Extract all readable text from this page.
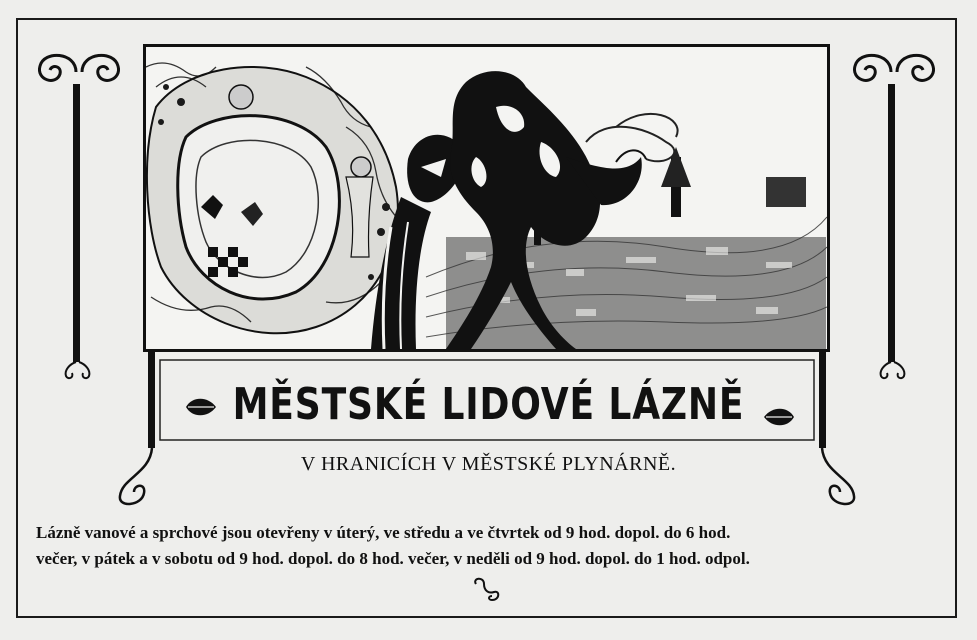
MĚSTSKÉ LIDOVÉ LÁZNĚ
V HRANICÍCH V MĚSTSKÉ PLYNÁRNĚ.
Lázně vanové a sprchové jsou otevřeny v úterý, ve středu a ve čtvrtek od 9 hod. dopol. do 6 hod.
večer, v pátek a v sobotu od 9 hod. dopol. do 8 hod. večer, v neděli od 9 hod. dopol. do 1 hod. odpol.
